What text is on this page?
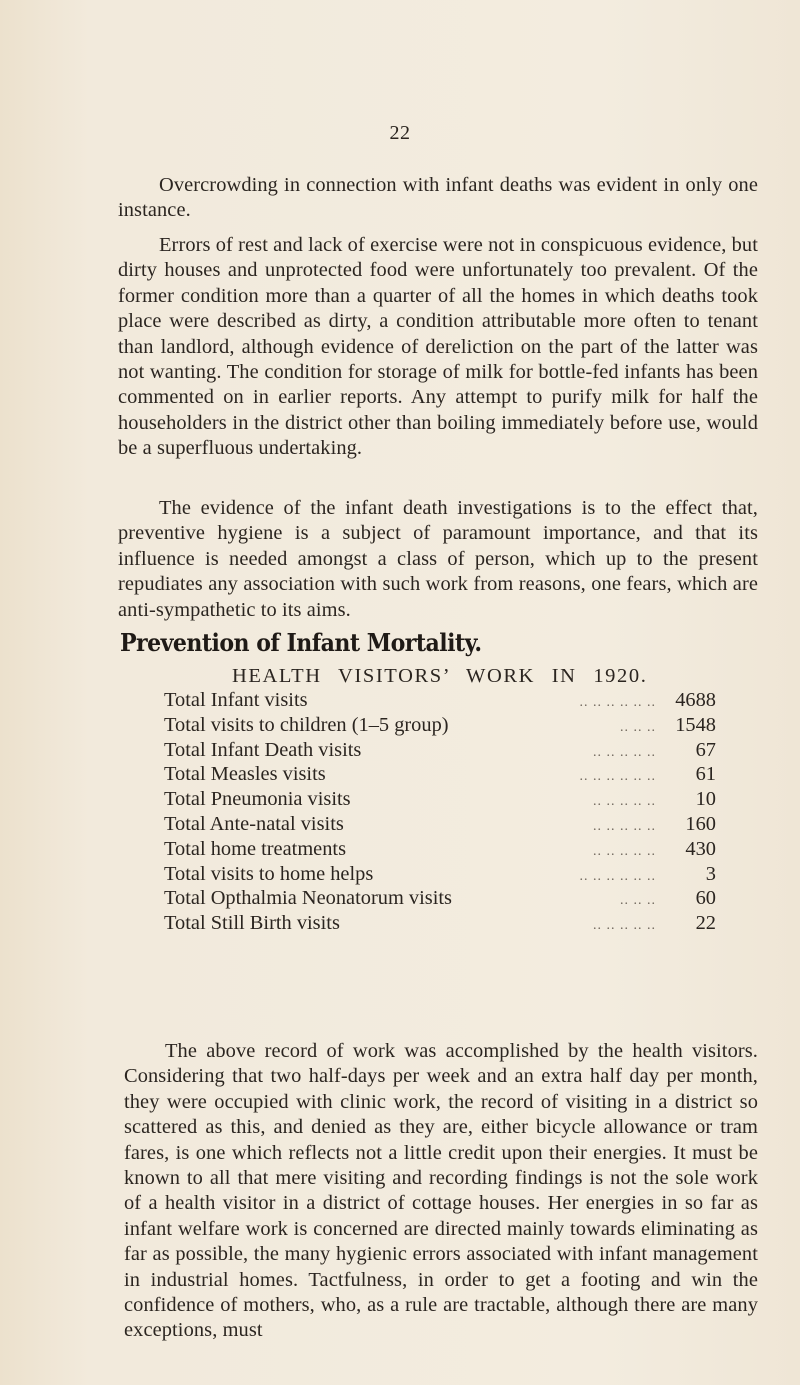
22

Overcrowding in connection with infant deaths was evident in only one instance.

Errors of rest and lack of exercise were not in conspicuous evidence, but dirty houses and unprotected food were unfortunately too prevalent. Of the former condition more than a quarter of all the homes in which deaths took place were described as dirty, a condition attributable more often to tenant than landlord, although evidence of dereliction on the part of the latter was not wanting. The condition for storage of milk for bottle-fed infants has been commented on in earlier reports. Any attempt to purify milk for half the householders in the district other than boiling immediately before use, would be a superfluous undertaking.

The evidence of the infant death investigations is to the effect that, preventive hygiene is a subject of paramount importance, and that its influence is needed amongst a class of person, which up to the present repudiates any association with such work from reasons, one fears, which are anti-sympathetic to its aims.

Prevention of Infant Mortality.
HEALTH VISITORS’ WORK IN 1920.
Total Infant visits	.. .. .. .. .. .. 4688
Total visits to children (1–5 group)	.. .. .. 1548
Total Infant Death visits	.. .. .. .. ..	67
Total Measles visits	.. .. .. .. .. ..	61
Total Pneumonia visits	.. .. .. .. ..	10
Total Ante-natal visits	.. .. .. .. ..	160
Total home treatments	.. .. .. .. ..	430
Total visits to home helps	.. .. .. .. .. ..	3
Total Opthalmia Neonatorum visits	.. .. ..	60
Total Still Birth visits	.. .. .. .. ..	22

The above record of work was accomplished by the health visitors. Considering that two half-days per week and an extra half day per month, they were occupied with clinic work, the record of visiting in a district so scattered as this, and denied as they are, either bicycle allowance or tram fares, is one which reflects not a little credit upon their energies. It must be known to all that mere visiting and recording findings is not the sole work of a health visitor in a district of cottage houses. Her energies in so far as infant welfare work is concerned are directed mainly towards eliminating as far as possible, the many hygienic errors associated with infant management in industrial homes. Tactfulness, in order to get a footing and win the confidence of mothers, who, as a rule are tractable, although there are many exceptions, must
